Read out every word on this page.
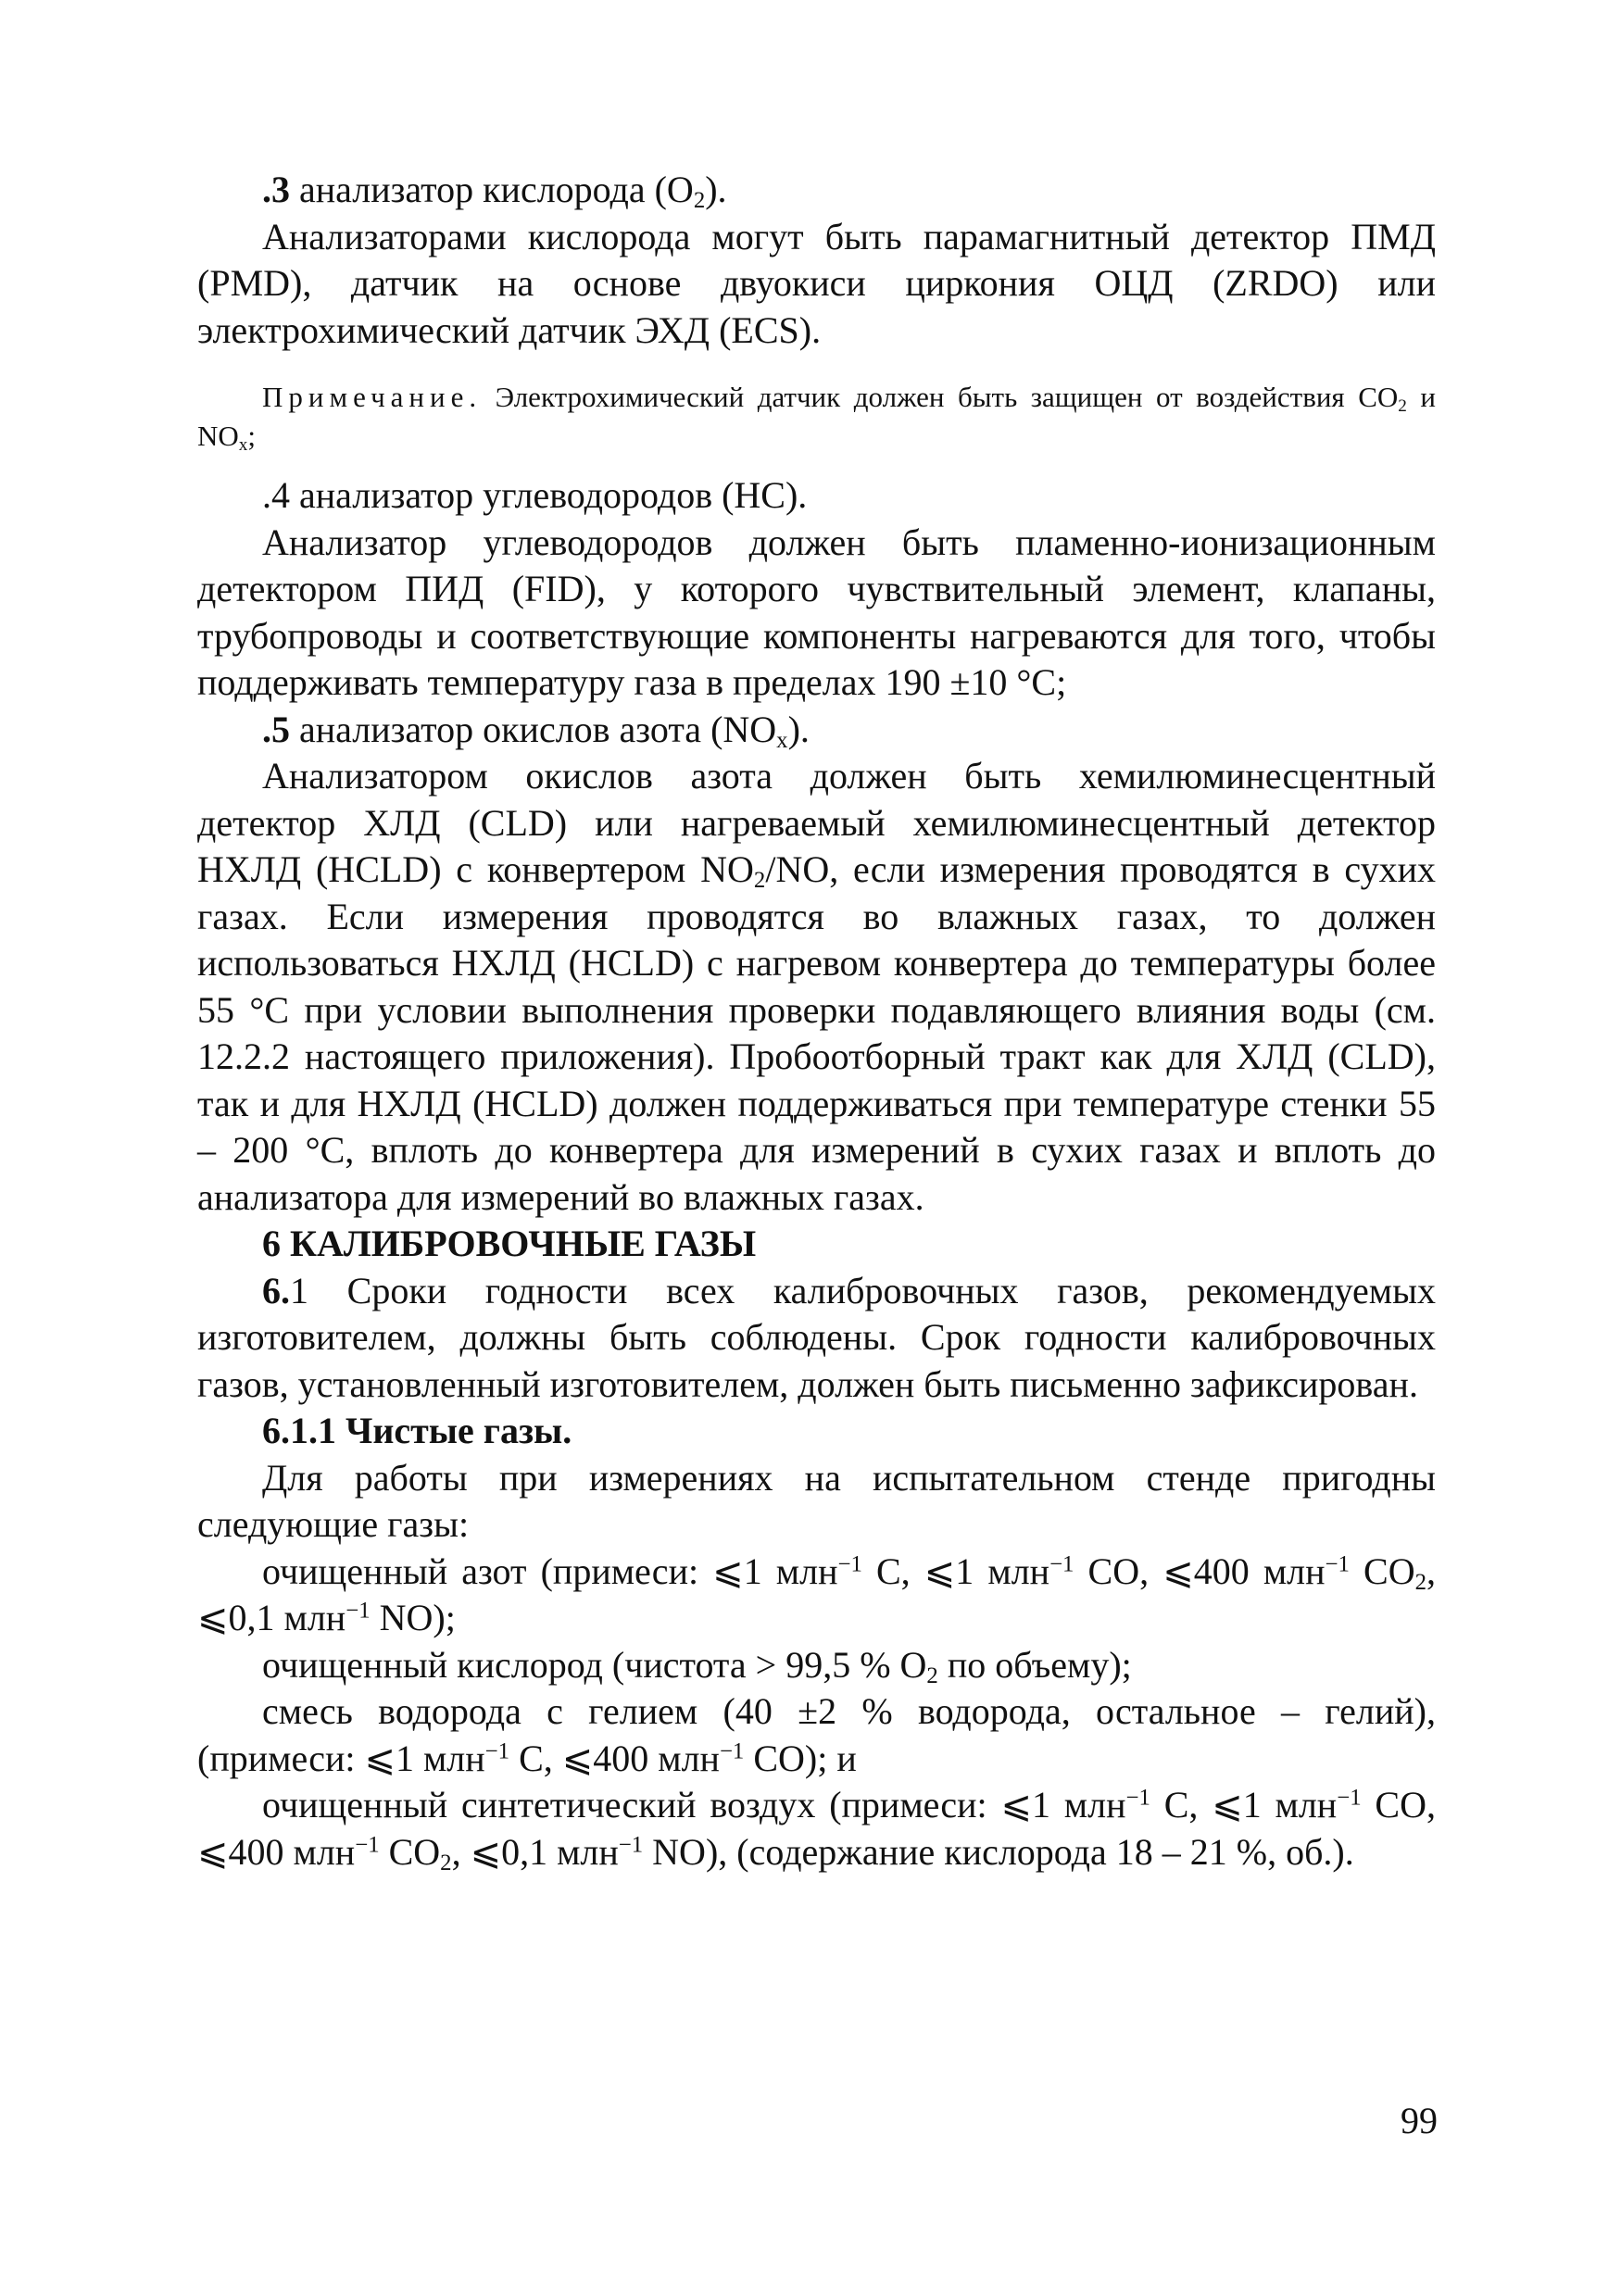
.3 анализатор кислорода $(O_2)$.

Анализаторами кислорода могут быть парамагнитный детектор ПМД (PMD), датчик на основе двуокиси циркония ОЦД (ZRDO) или электрохимический датчик ЭХД (ECS).

Примечание. Электрохимический датчик должен быть защищен от воздействия $CO_2$ и $NO_x$;

.4 анализатор углеводородов (НС).

Анализатор углеводородов должен быть пламенно-ионизационным детектором ПИД (FID), у которого чувствительный элемент, клапаны, трубопроводы и соответствующие компоненты нагреваются для того, чтобы поддерживать температуру газа в пределах 190 ±10 °С;

.5 анализатор окислов азота $(NO_x)$.

Анализатором окислов азота должен быть хемилюминесцентный детектор ХЛД (CLD) или нагреваемый хемилюминесцентный детектор НХЛД (HCLD) с конвертером $NO_2/NO$, если измерения проводятся в сухих газах. Если измерения проводятся во влажных газах, то должен использоваться НХЛД (HCLD) с нагревом конвертера до температуры более 55 °С при условии выполнения проверки подавляющего влияния воды (см. 12.2.2 настоящего приложения). Пробоотборный тракт как для ХЛД (CLD), так и для НХЛД (HCLD) должен поддерживаться при температуре стенки 55 – 200 °С, вплоть до конвертера для измерений в сухих газах и вплоть до анализатора для измерений во влажных газах.

6 КАЛИБРОВОЧНЫЕ ГАЗЫ

6.1 Сроки годности всех калибровочных газов, рекомендуемых изготовителем, должны быть соблюдены. Срок годности калибровочных газов, установленный изготовителем, должен быть письменно зафиксирован.

6.1.1 Чистые газы.

Для работы при измерениях на испытательном стенде пригодны следующие газы:

очищенный азот (примеси: ⩽1 млн$^{-1}$ С, ⩽1 млн$^{-1}$ СО, ⩽400 млн$^{-1}$ $СО_2$, ⩽0,1 млн$^{-1}$ NO);

очищенный кислород (чистота > 99,5 % $O_2$ по объему);

смесь водорода с гелием (40 ±2 % водорода, остальное – гелий), (примеси: ⩽1 млн$^{-1}$ С, ⩽400 млн$^{-1}$ СО); и

очищенный синтетический воздух (примеси: ⩽1 млн$^{-1}$ С, ⩽1 млн$^{-1}$ СО, ⩽400 млн$^{-1}$ $СО_2$, ⩽0,1 млн$^{-1}$ NO), (содержание кислорода 18 – 21 %, об.).

99
